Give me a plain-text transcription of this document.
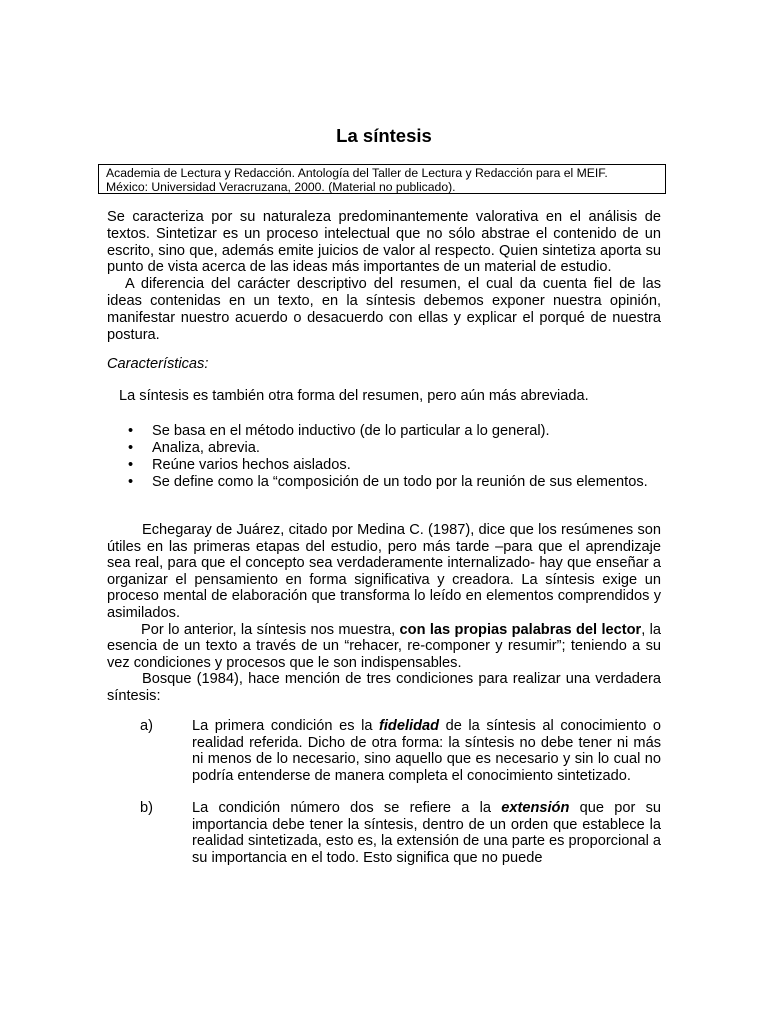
La síntesis
Academia de Lectura y Redacción. Antología del Taller de Lectura y Redacción para el MEIF.
México: Universidad Veracruzana, 2000. (Material no publicado).
Se caracteriza por su naturaleza predominantemente valorativa en el análisis de textos. Sintetizar es un proceso intelectual que no sólo abstrae el contenido de un escrito, sino que, además emite juicios de valor al respecto. Quien sintetiza aporta su punto de vista acerca de las ideas más importantes de un material de estudio.
A diferencia del carácter descriptivo del resumen, el cual da cuenta fiel de las ideas contenidas en un texto, en la síntesis debemos exponer nuestra opinión, manifestar nuestro acuerdo o desacuerdo con ellas y explicar el porqué de nuestra postura.
Características:
La síntesis es también otra forma del resumen, pero aún más abreviada.
• Se basa en el método inductivo (de lo particular a lo general).
• Analiza, abrevia.
• Reúne varios hechos aislados.
• Se define como la “composición de un todo por la reunión de sus elementos.
Echegaray de Juárez, citado por Medina C. (1987), dice que los resúmenes son útiles en las primeras etapas del estudio, pero más tarde –para que el aprendizaje sea real, para que el concepto sea verdaderamente internalizado- hay que enseñar a organizar el pensamiento en forma significativa y creadora. La síntesis exige un proceso mental de elaboración que transforma lo leído en elementos comprendidos y asimilados.
Por lo anterior, la síntesis nos muestra, con las propias palabras del lector, la esencia de un texto a través de un “rehacer, re-componer y resumir”; teniendo a su vez condiciones y procesos que le son indispensables.
Bosque (1984), hace mención de tres condiciones para realizar una verdadera síntesis:
a)	La primera condición es la fidelidad de la síntesis al conocimiento o realidad referida. Dicho de otra forma: la síntesis no debe tener ni más ni menos de lo necesario, sino aquello que es necesario y sin lo cual no podría entenderse de manera completa el conocimiento sintetizado.
b)	La condición número dos se refiere a la extensión que por su importancia debe tener la síntesis, dentro de un orden que establece la realidad sintetizada, esto es, la extensión de una parte es proporcional a su importancia en el todo. Esto significa que no puede
